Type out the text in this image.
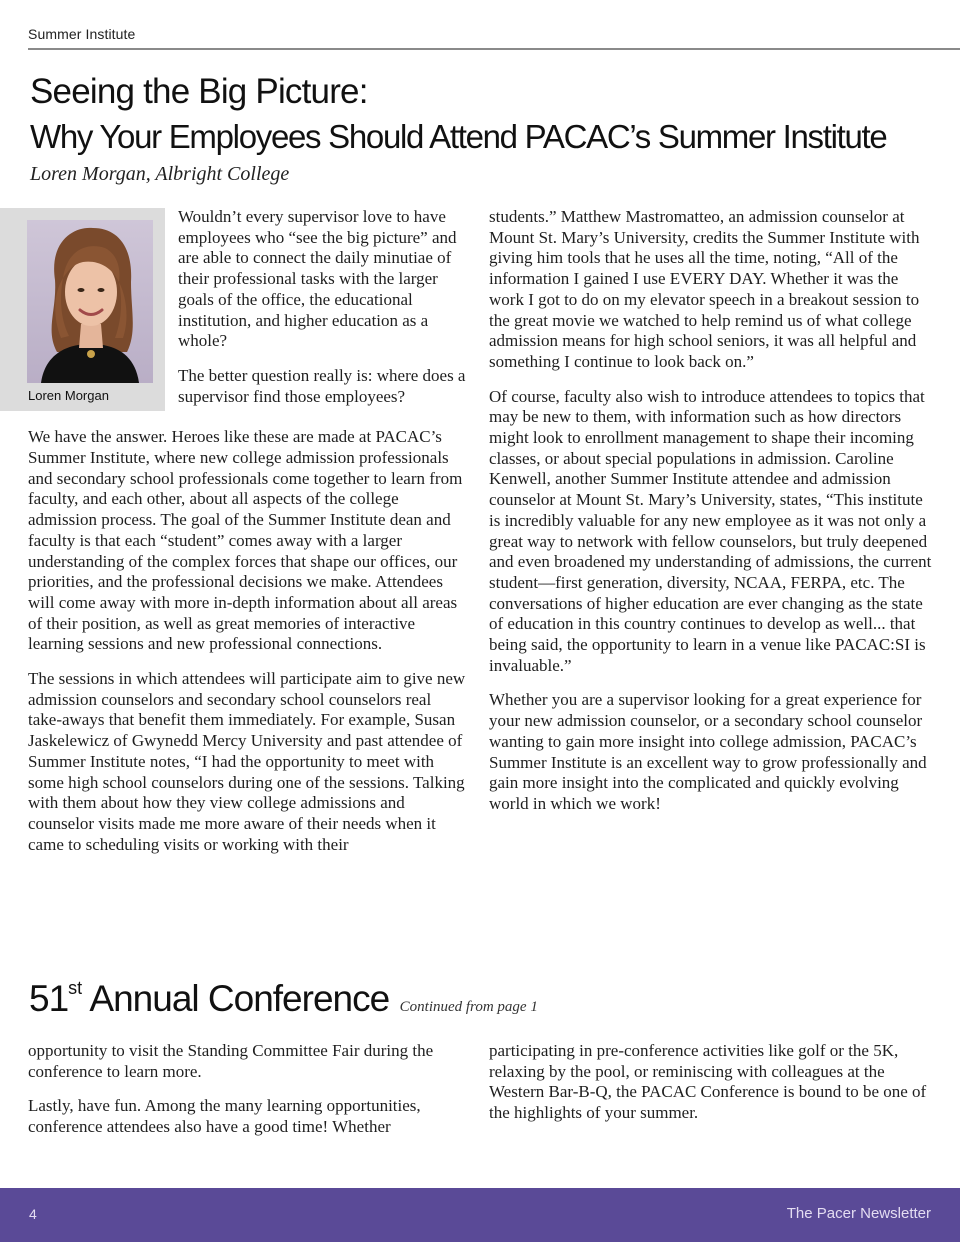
Summer Institute
Seeing the Big Picture:
Why Your Employees Should Attend PACAC’s Summer Institute
Loren Morgan, Albright College
Loren Morgan

Wouldn’t every supervisor love to have employees who “see the big picture” and are able to connect the daily minutiae of their professional tasks with the larger goals of the office, the educational institution, and higher education as a whole?

The better question really is: where does a supervisor find those employees?

We have the answer. Heroes like these are made at PACAC’s Summer Institute, where new college admission professionals and secondary school professionals come together to learn from faculty, and each other, about all aspects of the college admission process. The goal of the Summer Institute dean and faculty is that each “student” comes away with a larger understanding of the complex forces that shape our offices, our priorities, and the professional decisions we make. Attendees will come away with more in-depth information about all areas of their position, as well as great memories of interactive learning sessions and new professional connections.

The sessions in which attendees will participate aim to give new admission counselors and secondary school counselors real take-aways that benefit them immediately. For example, Susan Jaskelewicz of Gwynedd Mercy University and past attendee of Summer Institute notes, “I had the opportunity to meet with some high school counselors during one of the sessions. Talking with them about how they view college admissions and counselor visits made me more aware of their needs when it came to scheduling visits or working with their

students.” Matthew Mastromatteo, an admission counselor at Mount St. Mary’s University, credits the Summer Institute with giving him tools that he uses all the time, noting, “All of the information I gained I use EVERY DAY. Whether it was the work I got to do on my elevator speech in a breakout session to the great movie we watched to help remind us of what college admission means for high school seniors, it was all helpful and something I continue to look back on.”

Of course, faculty also wish to introduce attendees to topics that may be new to them, with information such as how directors might look to enrollment management to shape their incoming classes, or about special populations in admission. Caroline Kenwell, another Summer Institute attendee and admission counselor at Mount St. Mary’s University, states, “This institute is incredibly valuable for any new employee as it was not only a great way to network with fellow counselors, but truly deepened and even broadened my understanding of admissions, the current student—first generation, diversity, NCAA, FERPA, etc. The conversations of higher education are ever changing as the state of education in this country continues to develop as well... that being said, the opportunity to learn in a venue like PACAC:SI is invaluable.”

Whether you are a supervisor looking for a great experience for your new admission counselor, or a secondary school counselor wanting to gain more insight into college admission, PACAC’s Summer Institute is an excellent way to grow professionally and gain more insight into the complicated and quickly evolving world in which we work!

51st Annual Conference Continued from page 1

opportunity to visit the Standing Committee Fair during the conference to learn more.

Lastly, have fun. Among the many learning opportunities, conference attendees also have a good time! Whether

participating in pre-conference activities like golf or the 5K, relaxing by the pool, or reminiscing with colleagues at the Western Bar-B-Q, the PACAC Conference is bound to be one of the highlights of your summer.

4	The Pacer Newsletter
